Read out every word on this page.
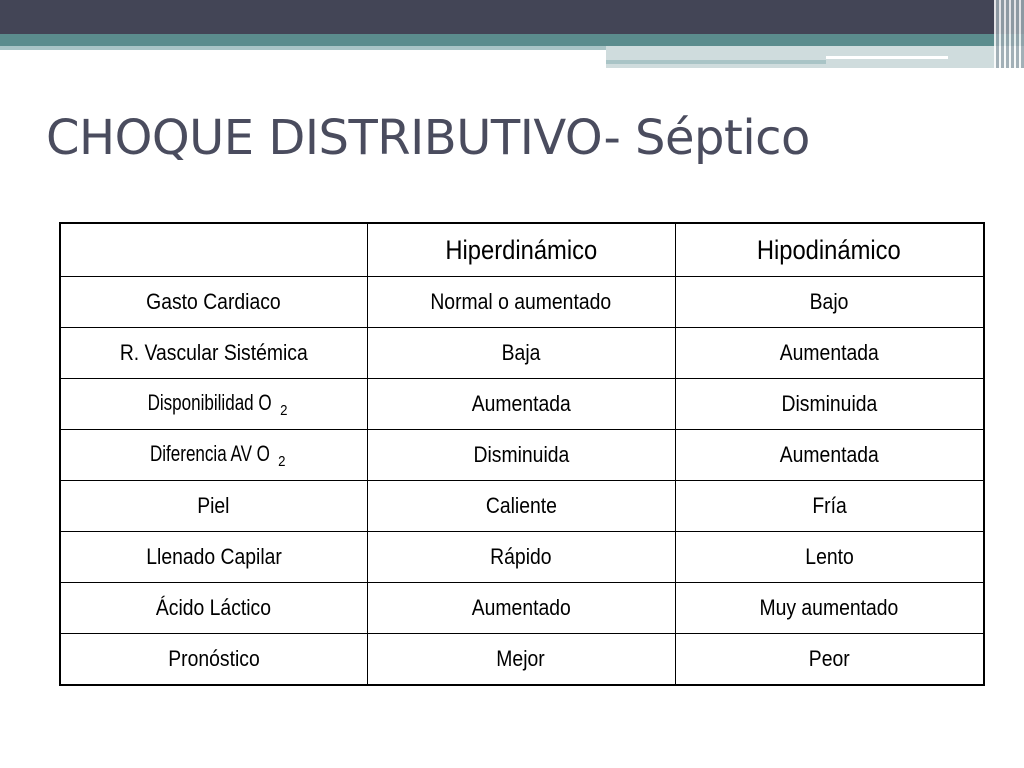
CHOQUE DISTRIBUTIVO- Séptico
	Hiperdinámico	Hipodinámico
Gasto Cardiaco	Normal o aumentado	Bajo
R. Vascular Sistémica	Baja	Aumentada
Disponibilidad O $_2$	Aumentada	Disminuida
Diferencia AV O $_2$	Disminuida	Aumentada
Piel	Caliente	Fría
Llenado Capilar	Rápido	Lento
Ácido Láctico	Aumentado	Muy aumentado
Pronóstico	Mejor	Peor
